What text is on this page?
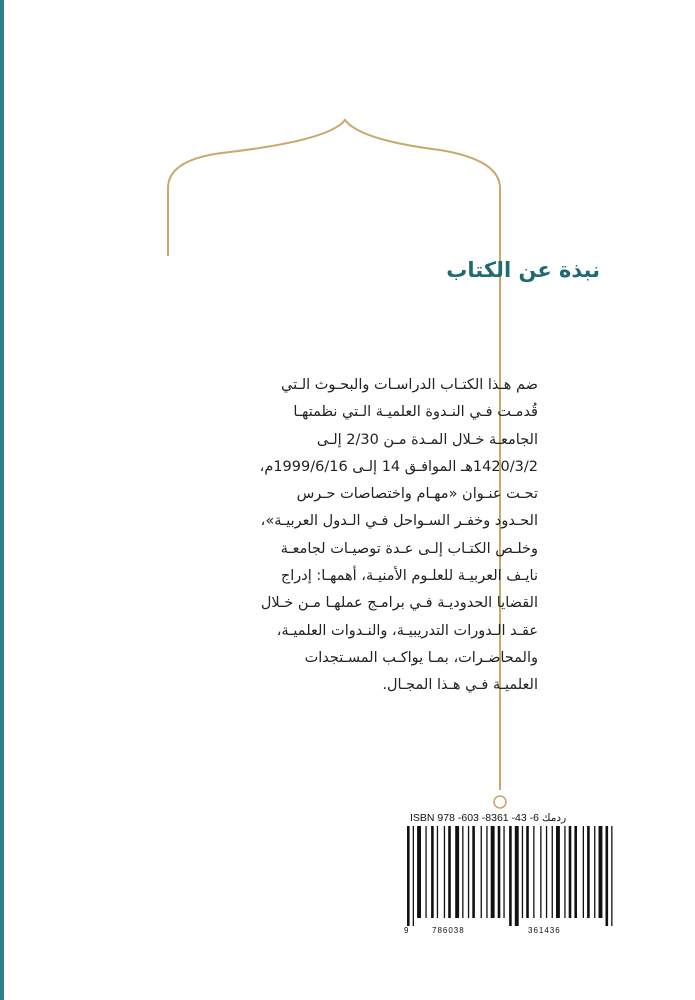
نبذة عن الكتاب
ضم هـذا الكتـاب الدراسـات والبحـوث الـتي
قُدمـت فـي النـدوة العلميـة الـتي نظمتهـا
الجامعـة خـلال المـدة مـن 2/30 إلـى
1420/3/2هـ الموافـق 14 إلـى 1999/6/16م،
تحـت عنـوان «مهـام واختصاصات حـرس
الحـدود وخفـر السـواحل فـي الـدول العربيـة»،
وخلـص الكتـاب إلـى عـدة توصيـات لجامعـة
نايـف العربيـة للعلـوم الأمنيـة، أهمهـا: إدراج
القضايا الحدوديـة فـي برامـج عملهـا مـن خـلال
عقـد الـدورات التدريبيـة، والنـدوات العلميـة،
والمحاضـرات، بمـا يواكـب المسـتجدات
العلميـة فـي هـذا المجـال.
ISBN 978 -603 -8361 -43 -6 ردمك
9	786038	361436
